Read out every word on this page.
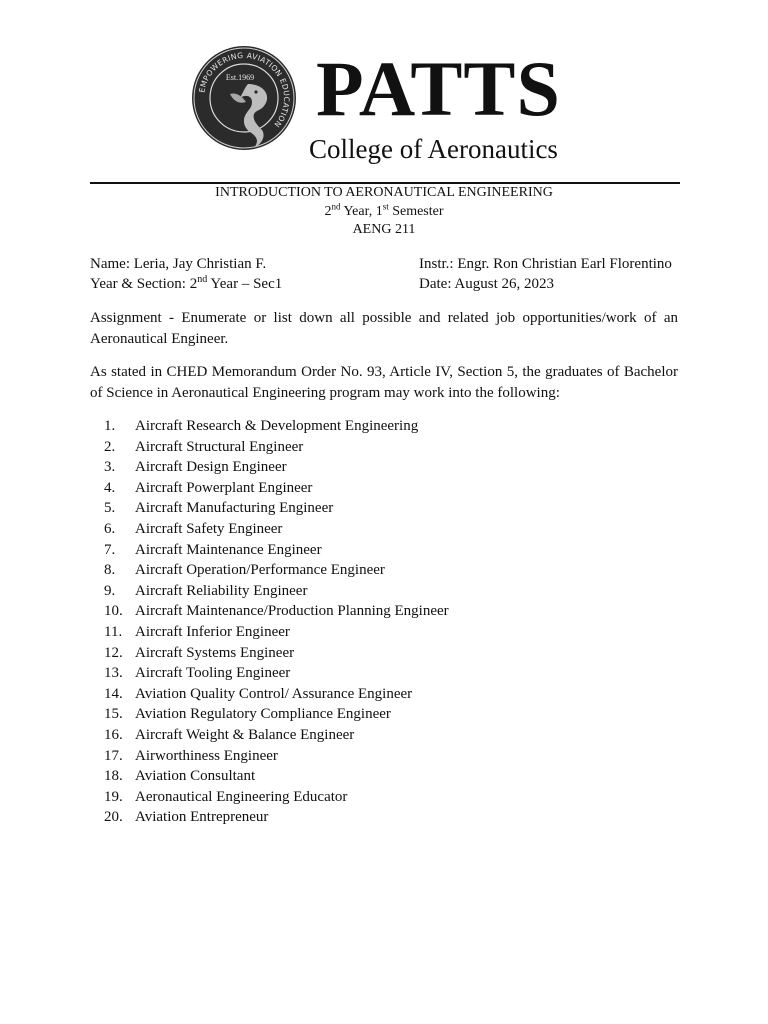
EMPOWERING AVIATION EDUCATION
Est.1969 PATTS
College of Aeronautics
INTRODUCTION TO AERONAUTICAL ENGINEERING
2nd Year, 1st Semester
AENG 211
Name: Leria, Jay Christian F.	Instr.: Engr. Ron Christian Earl Florentino
Year & Section: 2nd Year – Sec1	Date: August 26, 2023
Assignment - Enumerate or list down all possible and related job opportunities/work of an Aeronautical Engineer.
As stated in CHED Memorandum Order No. 93, Article IV, Section 5, the graduates of Bachelor of Science in Aeronautical Engineering program may work into the following:
1. Aircraft Research & Development Engineering
2. Aircraft Structural Engineer
3. Aircraft Design Engineer
4. Aircraft Powerplant Engineer
5. Aircraft Manufacturing Engineer
6. Aircraft Safety Engineer
7. Aircraft Maintenance Engineer
8. Aircraft Operation/Performance Engineer
9. Aircraft Reliability Engineer
10. Aircraft Maintenance/Production Planning Engineer
11. Aircraft Inferior Engineer
12. Aircraft Systems Engineer
13. Aircraft Tooling Engineer
14. Aviation Quality Control/ Assurance Engineer
15. Aviation Regulatory Compliance Engineer
16. Aircraft Weight & Balance Engineer
17. Airworthiness Engineer
18. Aviation Consultant
19. Aeronautical Engineering Educator
20. Aviation Entrepreneur
